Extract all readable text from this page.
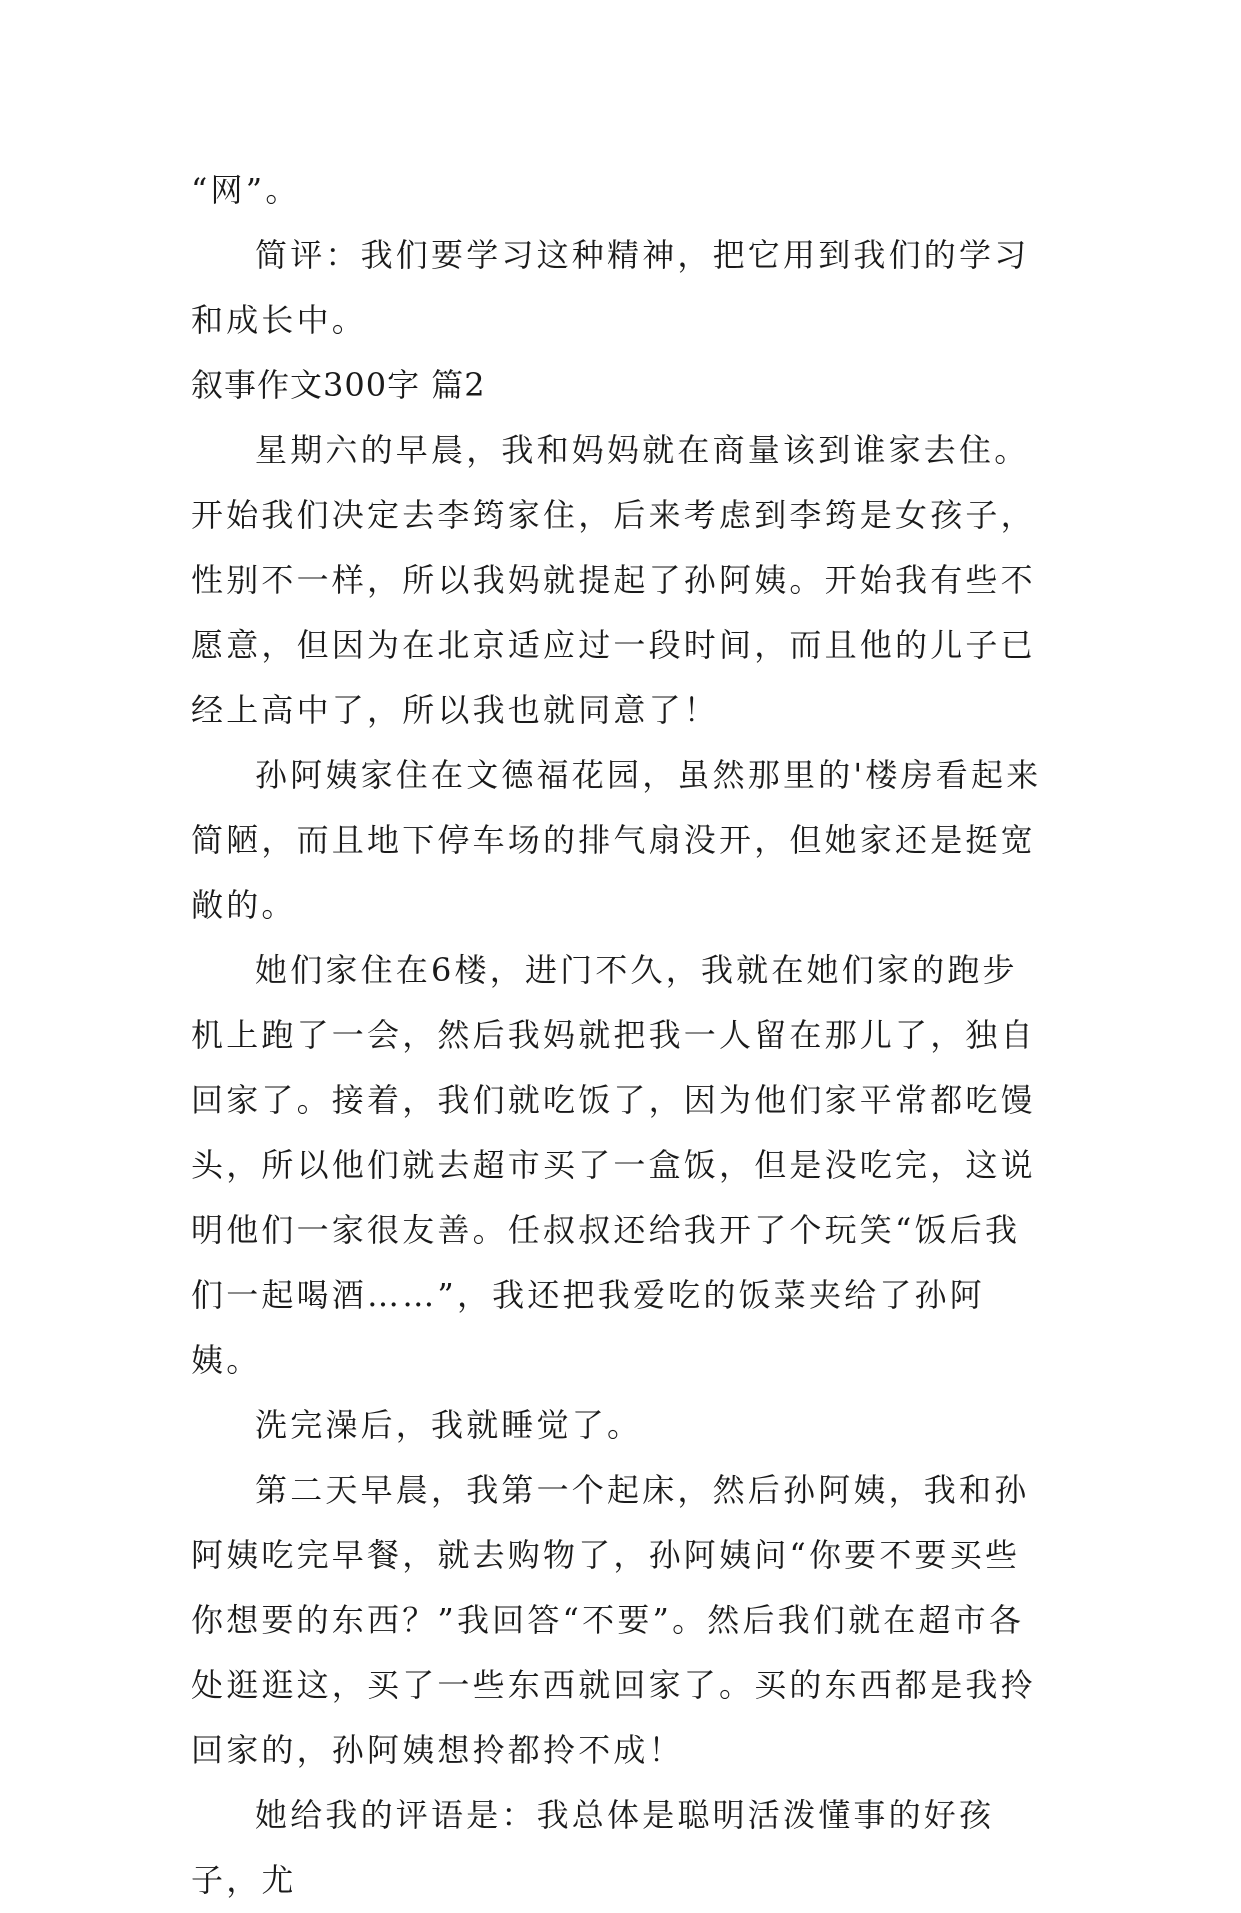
“网”。

简评：我们要学习这种精神，把它用到我们的学习和成长中。

叙事作文300字 篇2

星期六的早晨，我和妈妈就在商量该到谁家去住。开始我们决定去李筠家住，后来考虑到李筠是女孩子，性别不一样，所以我妈就提起了孙阿姨。开始我有些不愿意，但因为在北京适应过一段时间，而且他的儿子已经上高中了，所以我也就同意了！

孙阿姨家住在文德福花园，虽然那里的'楼房看起来简陋，而且地下停车场的排气扇没开，但她家还是挺宽敞的。

她们家住在6楼，进门不久，我就在她们家的跑步机上跑了一会，然后我妈就把我一人留在那儿了，独自回家了。接着，我们就吃饭了，因为他们家平常都吃馒头，所以他们就去超市买了一盒饭，但是没吃完，这说明他们一家很友善。任叔叔还给我开了个玩笑“饭后我们一起喝酒……”，我还把我爱吃的饭菜夹给了孙阿姨。

洗完澡后，我就睡觉了。

第二天早晨，我第一个起床，然后孙阿姨，我和孙阿姨吃完早餐，就去购物了，孙阿姨问“你要不要买些你想要的东西？”我回答“不要”。然后我们就在超市各处逛逛这，买了一些东西就回家了。买的东西都是我拎回家的，孙阿姨想拎都拎不成！

她给我的评语是：我总体是聪明活泼懂事的好孩子，尤
